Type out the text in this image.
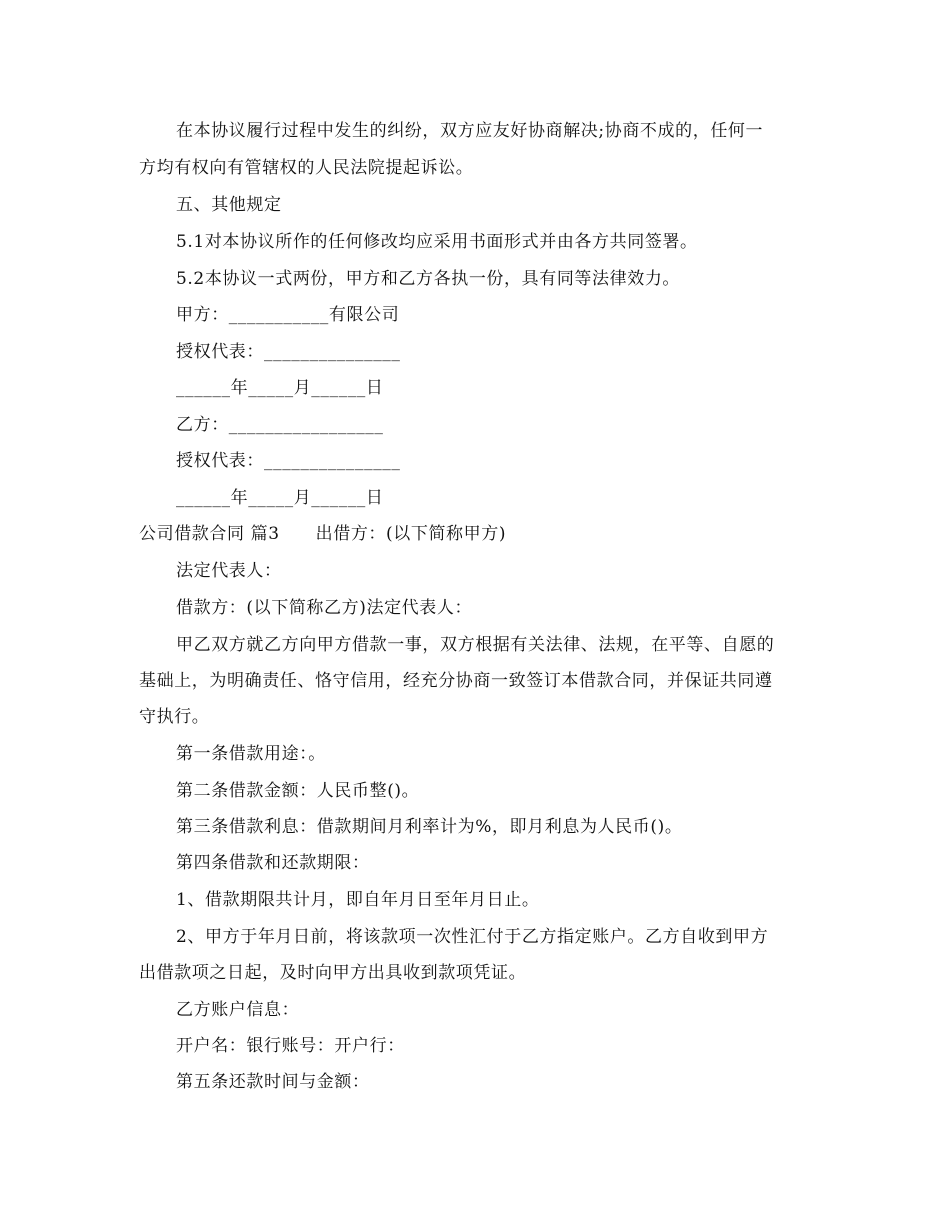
在本协议履行过程中发生的纠纷，双方应友好协商解决;协商不成的，任何一
方均有权向有管辖权的人民法院提起诉讼。
五、其他规定
5.1对本协议所作的任何修改均应采用书面形式并由各方共同签署。
5.2本协议一式两份，甲方和乙方各执一份，具有同等法律效力。
甲方：___________有限公司
授权代表：_______________
______年_____月______日
乙方：_________________
授权代表：_______________
______年_____月______日
公司借款合同 篇3 出借方：(以下简称甲方)
法定代表人：
借款方：(以下简称乙方)法定代表人：
甲乙双方就乙方向甲方借款一事，双方根据有关法律、法规，在平等、自愿的
基础上，为明确责任、恪守信用，经充分协商一致签订本借款合同，并保证共同遵
守执行。
第一条借款用途：。
第二条借款金额：人民币整()。
第三条借款利息：借款期间月利率计为%，即月利息为人民币()。
第四条借款和还款期限：
1、借款期限共计月，即自年月日至年月日止。
2、甲方于年月日前，将该款项一次性汇付于乙方指定账户。乙方自收到甲方
出借款项之日起，及时向甲方出具收到款项凭证。
乙方账户信息：
开户名：银行账号：开户行：
第五条还款时间与金额：
